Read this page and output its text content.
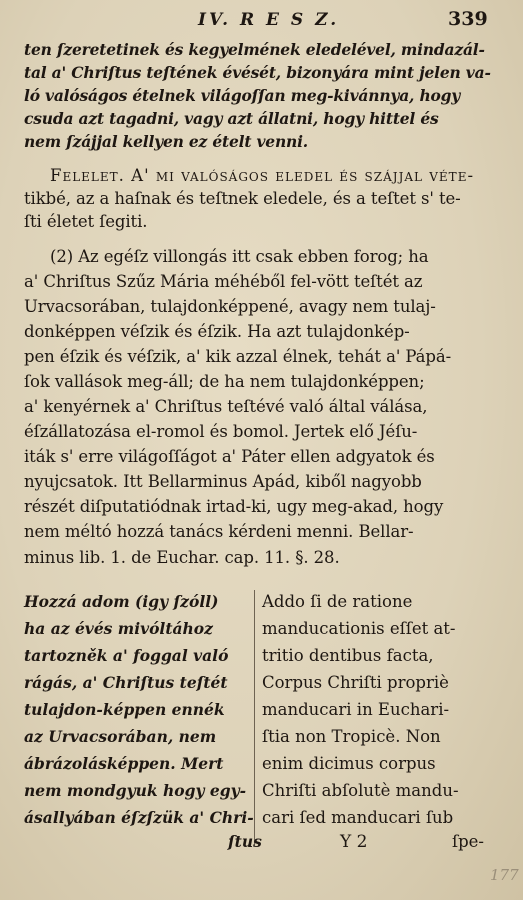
IV. R E S Z.	339
ten ſzeretetinek és kegyelmének eledelével, mindazál-
tal a' Chriſtus teſtének évését, bizonyára mint jelen va-
ló valóságos ételnek világoſſan meg-kivánnya, hogy
csuda azt tagadni, vagy azt állatni, hogy hittel és
nem ſzájjal kellyen ez ételt venni.
Felelet. A' mi valóságos eledel és ſzájjal véte-
tikbé, az a haſnak és teſtnek eledele, és a teſtet s' te-
ſti életet ſegiti.
(2) Az egéſz villongás itt csak ebben forog; ha
a' Chriſtus Szűz Mária méhéből fel-vött teſtét az
Urvacsorában, tulajdonképpené, avagy nem tulaj-
donképpen véſzik és éſzik. Ha azt tulajdonkép-
pen éſzik és véſzik, a' kik azzal élnek, tehát a' Pápá-
ſok vallások meg-áll; de ha nem tulajdonképpen;
a' kenyérnek a' Chriſtus teſtévé való által válása,
éſzállatozása el-romol és bomol. Jertek elő Jéſu-
iták s' erre világoſſágot a' Páter ellen adgyatok és
nyujcsatok. Itt Bellarminus Apád, kiből nagyobb
részét diſputatiódnak irtad-ki, ugy meg-akad, hogy
nem méltó hozzá tanács kérdeni menni. Bellar-
minus lib. 1. de Euchar. cap. 11. §. 28.
Hozzá adom (igy ſzóll)
ha az évés mivóltához
tartozněk a' foggal való
rágás, a' Chriſtus teſtét
tulajdon-képpen ennék
az Urvacsorában, nem
ábrázolásképpen. Mert
nem mondgyuk hogy egy-
ásallyában éſzſzük a' Chri-
Addo ſi de ratione
manducationis eſſet at-
tritio dentibus facta,
Corpus Chriſti propriè
manducari in Euchari-
ſtia non Tropicè. Non
enim dicimus corpus
Chriſti abſolutè mandu-
cari ſed manducari ſub
ſtus	Y 2	ſpe-
177
